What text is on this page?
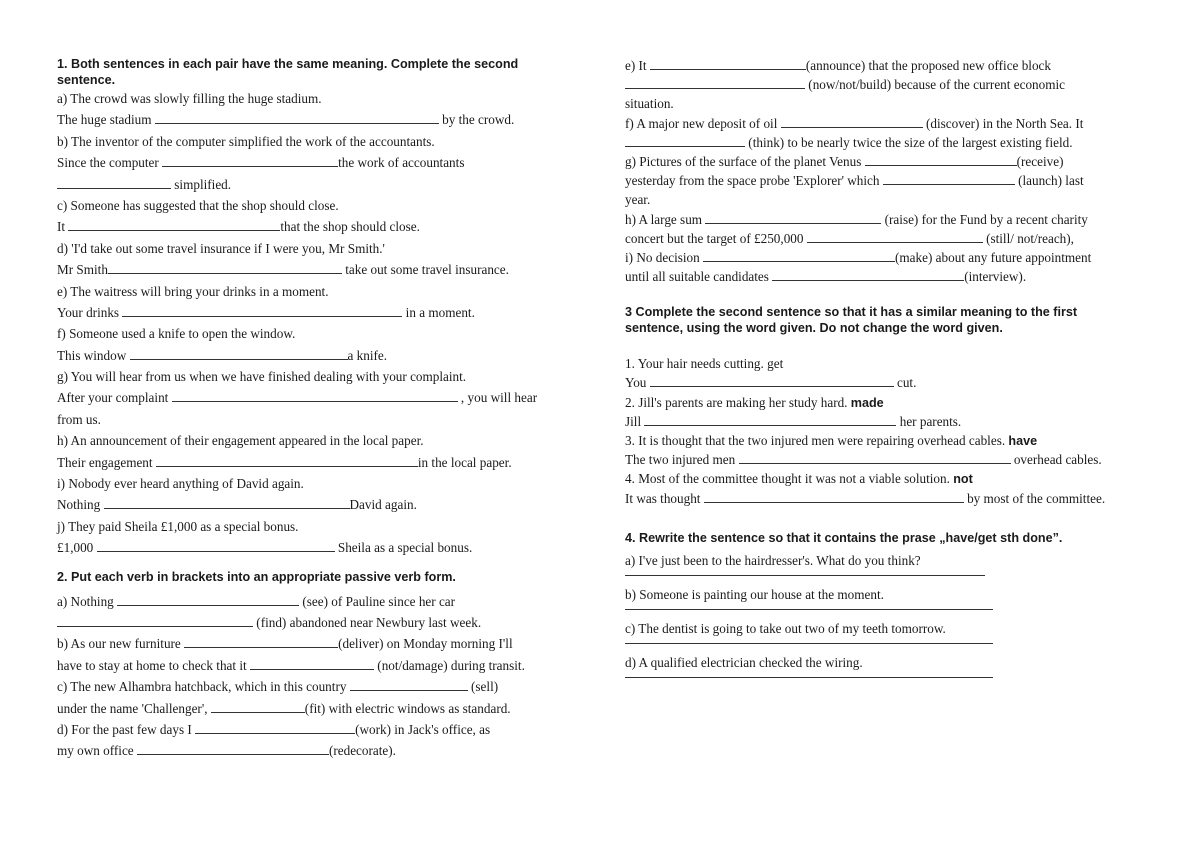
1. Both sentences in each pair have the same meaning. Complete the second sentence.
a) The crowd was slowly filling the huge stadium.
The huge stadium	by the crowd.
b) The inventor of the computer simplified the work of the accountants.
Since the computer	the work of accountants
simplified.
c) Someone has suggested that the shop should close.
It	that the shop should close.
d) 'I'd take out some travel insurance if I were you, Mr Smith.'
Mr Smith	take out some travel insurance.
e) The waitress will bring your drinks in a moment.
Your drinks	in a moment.
f) Someone used a knife to open the window.
This window	a knife.
g) You will hear from us when we have finished dealing with your complaint.
After your complaint	, you will hear
from us.
h) An announcement of their engagement appeared in the local paper.
Their engagement	in the local paper.
i) Nobody ever heard anything of David again.
Nothing	David again.
j) They paid Sheila £1,000 as a special bonus.
£1,000	Sheila as a special bonus.
2. Put each verb in brackets into an appropriate passive verb form.
a) Nothing	(see) of Pauline since her car
(find) abandoned near Newbury last week.
b) As our new furniture	(deliver) on Monday morning I'll
have to stay at home to check that it	(not/damage) during transit.
c) The new Alhambra hatchback, which in this country	(sell)
under the name 'Challenger',	(fit) with electric windows as standard.
d) For the past few days I	(work) in Jack's office, as
my own office	(redecorate).
e) It	(announce) that the proposed new office block
(now/not/build) because of the current economic
situation.
f) A major new deposit of oil	(discover) in the North Sea. It
(think) to be nearly twice the size of the largest existing field.
g) Pictures of the surface of the planet Venus	(receive)
yesterday from the space probe 'Explorer' which	(launch) last
year.
h) A large sum	(raise) for the Fund by a recent charity
concert but the target of £250,000	(still/ not/reach),
i) No decision	(make) about any future appointment
until all suitable candidates	(interview).
3 Complete the second sentence so that it has a similar meaning to the first sentence, using the word given. Do not change the word given.
1. Your hair needs cutting. get
You	cut.
2. Jill's parents are making her study hard. made
Jill	her parents.
3. It is thought that the two injured men were repairing overhead cables. have
The two injured men	overhead cables.
4. Most of the committee thought it was not a viable solution. not
It was thought	by most of the committee.
4. Rewrite the sentence so that it contains the prase „have/get sth done”.
a) I've just been to the hairdresser's. What do you think?
b) Someone is painting our house at the moment.
c) The dentist is going to take out two of my teeth tomorrow.
d) A qualified electrician checked the wiring.
